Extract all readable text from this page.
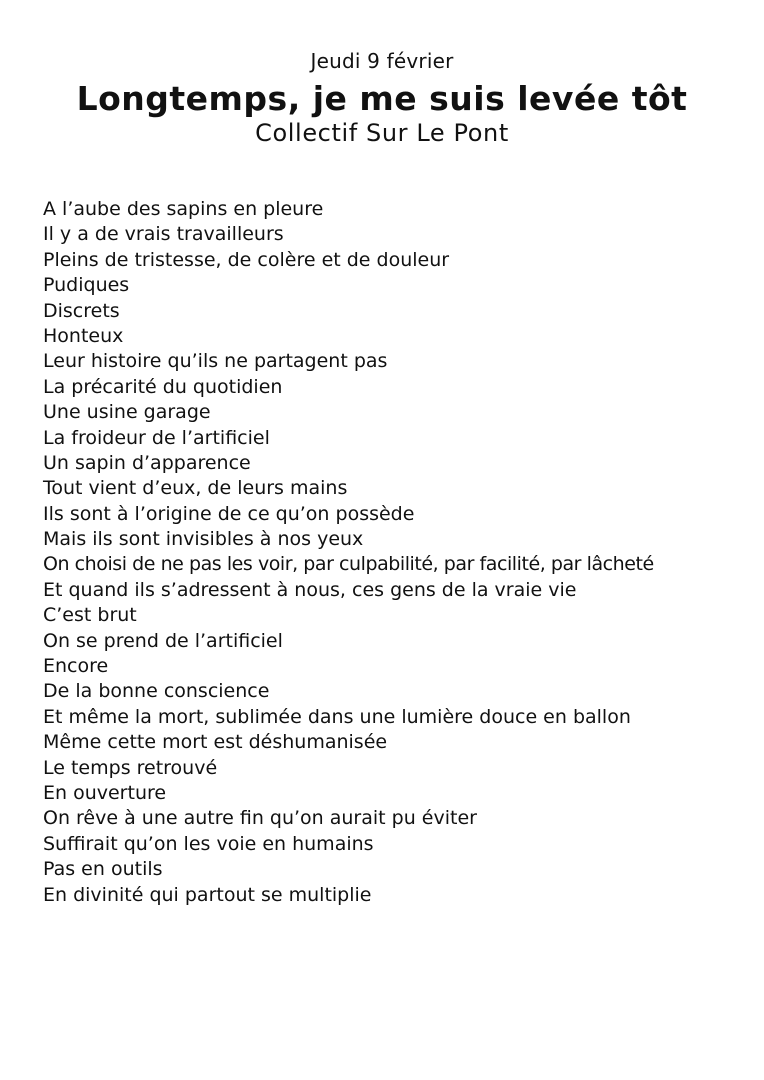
Jeudi 9 février

Longtemps, je me suis levée tôt

Collectif Sur Le Pont

A l’aube des sapins en pleure
Il y a de vrais travailleurs
Pleins de tristesse, de colère et de douleur
Pudiques
Discrets
Honteux
Leur histoire qu’ils ne partagent pas
La précarité du quotidien
Une usine garage
La froideur de l’artificiel
Un sapin d’apparence
Tout vient d’eux, de leurs mains
Ils sont à l’origine de ce qu’on possède
Mais ils sont invisibles à nos yeux
On choisi de ne pas les voir, par culpabilité, par facilité, par lâcheté
Et quand ils s’adressent à nous, ces gens de la vraie vie
C’est brut
On se prend de l’artificiel
Encore
De la bonne conscience
Et même la mort, sublimée dans une lumière douce en ballon
Même cette mort est déshumanisée
Le temps retrouvé
En ouverture
On rêve à une autre fin qu’on aurait pu éviter
Suffirait qu’on les voie en humains
Pas en outils
En divinité qui partout se multiplie
